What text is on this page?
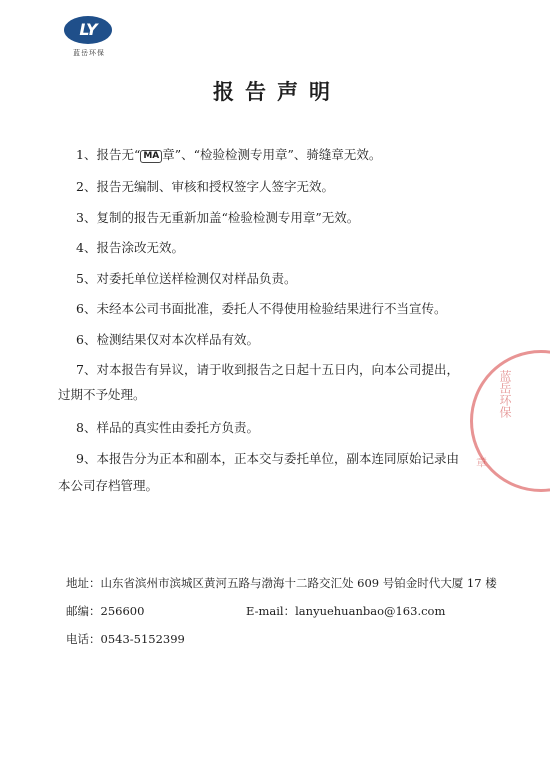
LY
蓝岳环保
报告声明
1、报告无“ MA 章”、“检验检测专用章”、骑缝章无效。
2、报告无编制、审核和授权签字人签字无效。
3、复制的报告无重新加盖“检验检测专用章”无效。
4、报告涂改无效。
5、对委托单位送样检测仅对样品负责。
6、未经本公司书面批准，委托人不得使用检验结果进行不当宣传。
6、检测结果仅对本次样品有效。
7、对本报告有异议，请于收到报告之日起十五日内，向本公司提出，
过期不予处理。
8、样品的真实性由委托方负责。
9、本报告分为正本和副本，正本交与委托单位，副本连同原始记录由
本公司存档管理。
地址：山东省滨州市滨城区黄河五路与渤海十二路交汇处 609 号铂金时代大厦 17 楼
邮编：256600	E-mail：lanyuehuanbao@163.com
电话：0543-5152399
蓝岳环保
章
